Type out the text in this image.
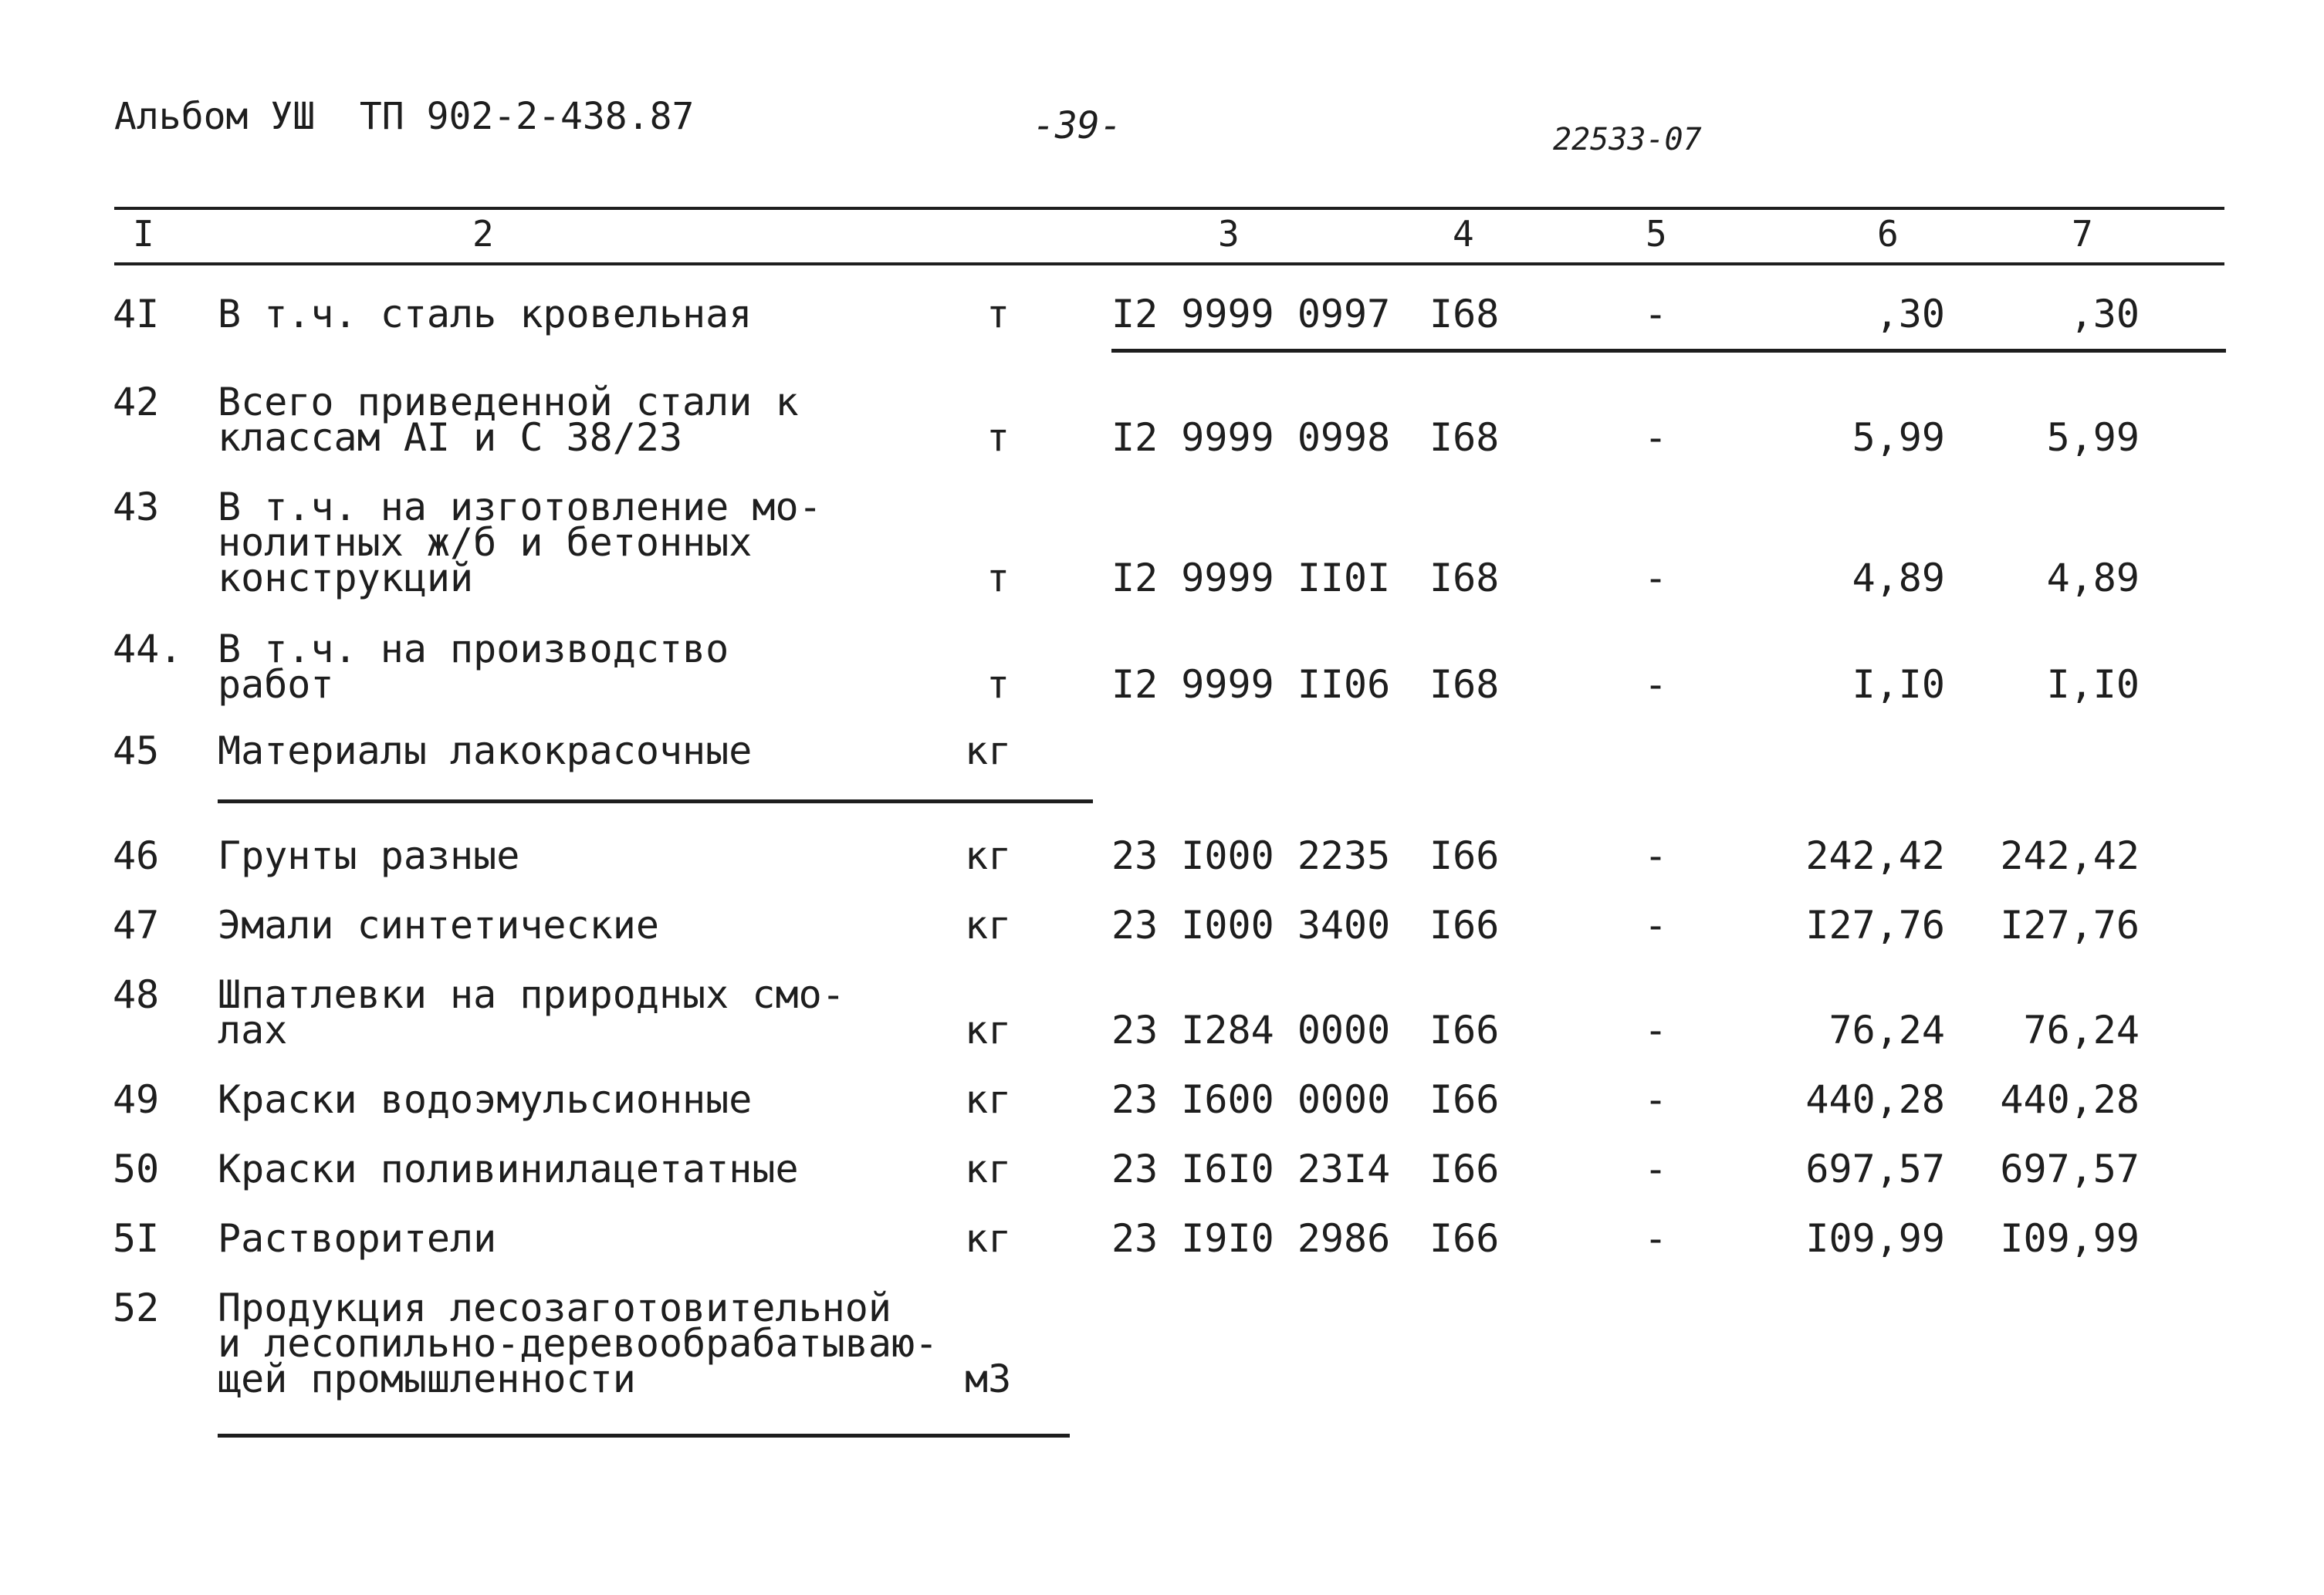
Альбом УШ  ТП 902-2-438.87	-39-	22533-07
I	2	3	4	5	6	7
4I В т.ч. сталь кровельная	т	I2 9999 0997 I68	-	,30	,30
42 Всего приведенной стали к
классам AI и С 38/23	т	I2 9999 0998 I68	-	5,99	5,99
43 В т.ч. на изготовление мо-
нолитных ж/б и бетонных
конструкций	т	I2 9999 II0I I68	-	4,89	4,89
44. В т.ч. на производство
работ	т	I2 9999 II06 I68	-	I,I0	I,I0
45 Материалы лакокрасочные	кг
46 Грунты разные	кг	23 I000 2235 I66	-	242,42	242,42
47 Эмали синтетические	кг	23 I000 3400 I66	-	I27,76	I27,76
48 Шпатлевки на природных смо-
лах	кг	23 I284 0000 I66	-	76,24	76,24
49 Краски водоэмульсионные	кг	23 I600 0000 I66	-	440,28	440,28
50 Краски поливинилацетатные	кг	23 I6I0 23I4 I66	-	697,57	697,57
5I Растворители	кг	23 I9I0 2986 I66	-	I09,99	I09,99
52 Продукция лесозаготовительной
и лесопильно-деревообрабатываю-
щей промышленности	м3
